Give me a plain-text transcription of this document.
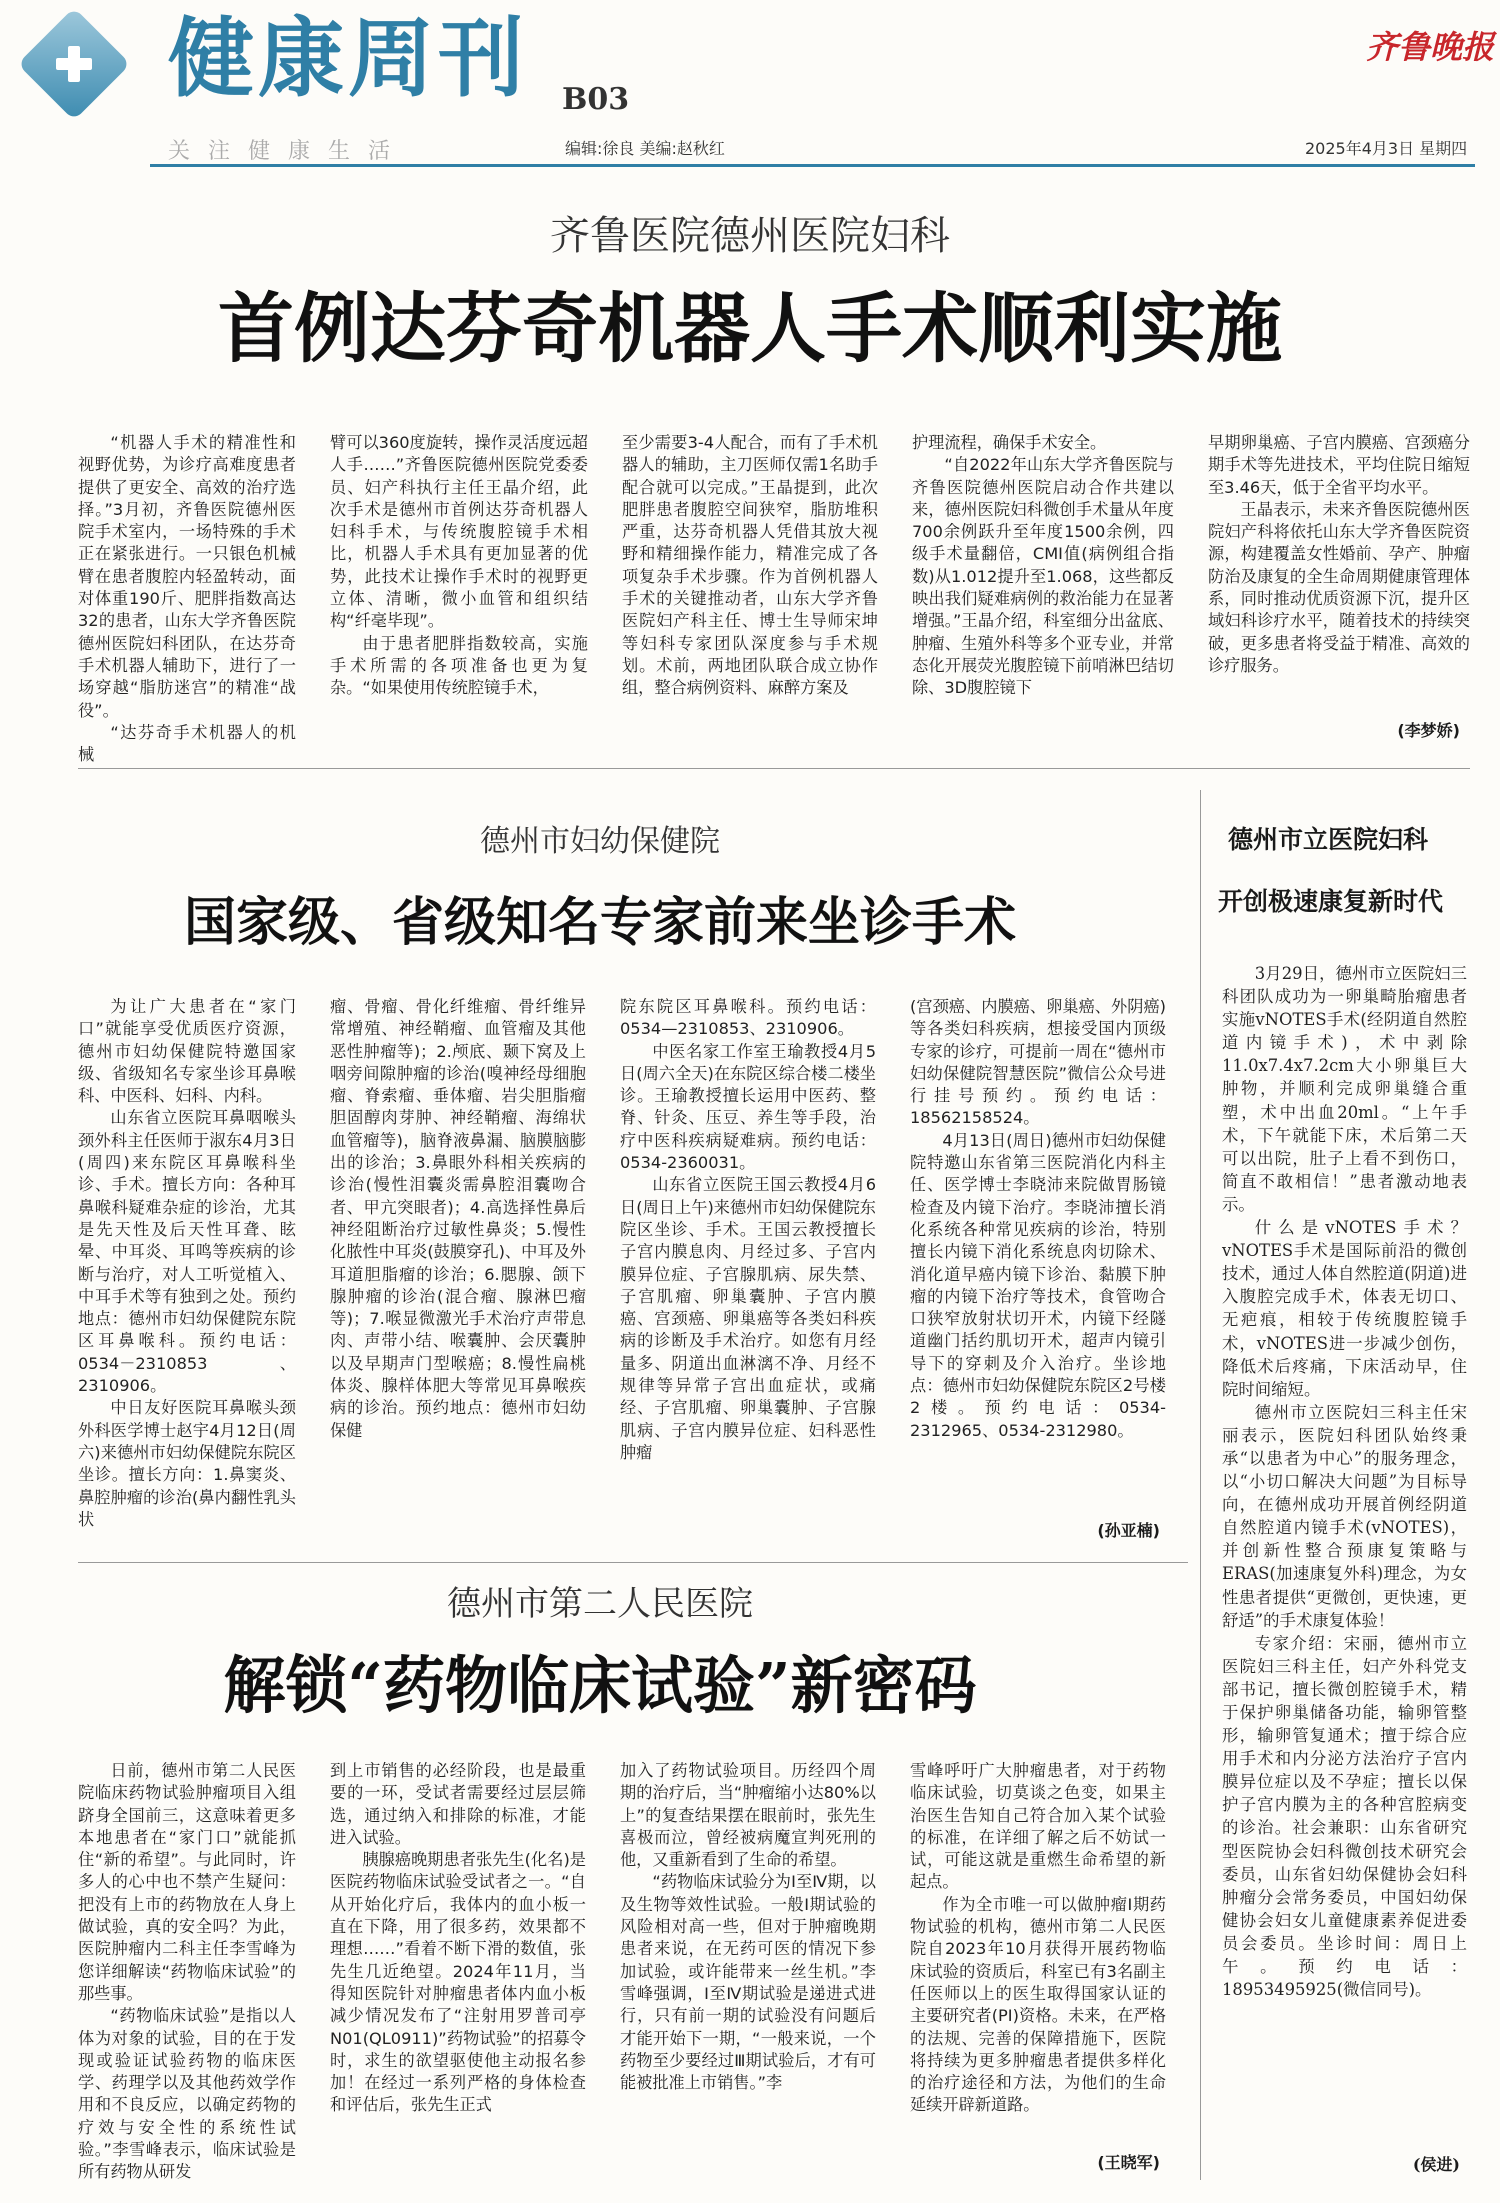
健康周刊 B03
关注健康生活	编辑:徐良 美编:赵秋红
齐鲁晚报
2025年4月3日 星期四
齐鲁医院德州医院妇科
首例达芬奇机器人手术顺利实施

“机器人手术的精准性和视野优势，为诊疗高难度患者提供了更安全、高效的治疗选择。”3月初，齐鲁医院德州医院手术室内，一场特殊的手术正在紧张进行。一只银色机械臂在患者腹腔内轻盈转动，面对体重190斤、肥胖指数高达32的患者，山东大学齐鲁医院德州医院妇科团队，在达芬奇手术机器人辅助下，进行了一场穿越“脂肪迷宫”的精准“战役”。

“达芬奇手术机器人的机械

臂可以360度旋转，操作灵活度远超人手……”齐鲁医院德州医院党委委员、妇产科执行主任王晶介绍，此次手术是德州市首例达芬奇机器人妇科手术，与传统腹腔镜手术相比，机器人手术具有更加显著的优势，此技术让操作手术时的视野更立体、清晰，微小血管和组织结构“纤毫毕现”。

由于患者肥胖指数较高，实施手术所需的各项准备也更为复杂。“如果使用传统腔镜手术，

至少需要3-4人配合，而有了手术机器人的辅助，主刀医师仅需1名助手配合就可以完成。”王晶提到，此次肥胖患者腹腔空间狭窄，脂肪堆积严重，达芬奇机器人凭借其放大视野和精细操作能力，精准完成了各项复杂手术步骤。作为首例机器人手术的关键推动者，山东大学齐鲁医院妇产科主任、博士生导师宋坤等妇科专家团队深度参与手术规划。术前，两地团队联合成立协作组，整合病例资料、麻醉方案及

护理流程，确保手术安全。

“自2022年山东大学齐鲁医院与齐鲁医院德州医院启动合作共建以来，德州医院妇科微创手术量从年度700余例跃升至年度1500余例，四级手术量翻倍，CMI值(病例组合指数)从1.012提升至1.068，这些都反映出我们疑难病例的救治能力在显著增强。”王晶介绍，科室细分出盆底、肿瘤、生殖外科等多个亚专业，并常态化开展荧光腹腔镜下前哨淋巴结切除、3D腹腔镜下

早期卵巢癌、子宫内膜癌、宫颈癌分期手术等先进技术，平均住院日缩短至3.46天，低于全省平均水平。

王晶表示，未来齐鲁医院德州医院妇产科将依托山东大学齐鲁医院资源，构建覆盖女性婚前、孕产、肿瘤防治及康复的全生命周期健康管理体系，同时推动优质资源下沉，提升区域妇科诊疗水平，随着技术的持续突破，更多患者将受益于精准、高效的诊疗服务。

(李梦娇)
德州市妇幼保健院
国家级、省级知名专家前来坐诊手术

为让广大患者在“家门口”就能享受优质医疗资源，德州市妇幼保健院特邀国家级、省级知名专家坐诊耳鼻喉科、中医科、妇科、内科。

山东省立医院耳鼻咽喉头颈外科主任医师于淑东4月3日(周四)来东院区耳鼻喉科坐诊、手术。擅长方向：各种耳鼻喉科疑难杂症的诊治，尤其是先天性及后天性耳聋、眩晕、中耳炎、耳鸣等疾病的诊断与治疗，对人工听觉植入、中耳手术等有独到之处。预约地点：德州市妇幼保健院东院区耳鼻喉科。预约电话：0534－2310853、2310906。

中日友好医院耳鼻喉头颈外科医学博士赵宇4月12日(周六)来德州市妇幼保健院东院区坐诊。擅长方向：1.鼻窦炎、鼻腔肿瘤的诊治(鼻内翻性乳头状

瘤、骨瘤、骨化纤维瘤、骨纤维异常增殖、神经鞘瘤、血管瘤及其他恶性肿瘤等)；2.颅底、颞下窝及上咽旁间隙肿瘤的诊治(嗅神经母细胞瘤、脊索瘤、垂体瘤、岩尖胆脂瘤胆固醇肉芽肿、神经鞘瘤、海绵状血管瘤等)，脑脊液鼻漏、脑膜脑膨出的诊治；3.鼻眼外科相关疾病的诊治(慢性泪囊炎需鼻腔泪囊吻合者、甲亢突眼者)；4.高选择性鼻后神经阻断治疗过敏性鼻炎；5.慢性化脓性中耳炎(鼓膜穿孔)、中耳及外耳道胆脂瘤的诊治；6.腮腺、颌下腺肿瘤的诊治(混合瘤、腺淋巴瘤等)；7.喉显微激光手术治疗声带息肉、声带小结、喉囊肿、会厌囊肿以及早期声门型喉癌；8.慢性扁桃体炎、腺样体肥大等常见耳鼻喉疾病的诊治。预约地点：德州市妇幼保健

院东院区耳鼻喉科。预约电话：0534—2310853、2310906。

中医名家工作室王瑜教授4月5日(周六全天)在东院区综合楼二楼坐诊。王瑜教授擅长运用中医药、整脊、针灸、压豆、养生等手段，治疗中医科疾病疑难病。预约电话：0534-2360031。

山东省立医院王国云教授4月6日(周日上午)来德州市妇幼保健院东院区坐诊、手术。王国云教授擅长子宫内膜息肉、月经过多、子宫内膜异位症、子宫腺肌病、尿失禁、子宫肌瘤、卵巢囊肿、子宫内膜癌、宫颈癌、卵巢癌等各类妇科疾病的诊断及手术治疗。如您有月经量多、阴道出血淋漓不净、月经不规律等异常子宫出血症状，或痛经、子宫肌瘤、卵巢囊肿、子宫腺肌病、子宫内膜异位症、妇科恶性肿瘤

(宫颈癌、内膜癌、卵巢癌、外阴癌)等各类妇科疾病，想接受国内顶级专家的诊疗，可提前一周在“德州市妇幼保健院智慧医院”微信公众号进行挂号预约。预约电话：18562158524。

4月13日(周日)德州市妇幼保健院特邀山东省第三医院消化内科主任、医学博士李晓沛来院做胃肠镜检查及内镜下治疗。李晓沛擅长消化系统各种常见疾病的诊治，特别擅长内镜下消化系统息肉切除术、消化道早癌内镜下诊治、黏膜下肿瘤的内镜下治疗等技术，食管吻合口狭窄放射状切开术，内镜下经隧道幽门括约肌切开术，超声内镜引导下的穿刺及介入治疗。坐诊地点：德州市妇幼保健院东院区2号楼2楼。预约电话：0534-2312965、0534-2312980。

(孙亚楠)
德州市第二人民医院
解锁“药物临床试验”新密码

日前，德州市第二人民医院临床药物试验肿瘤项目入组跻身全国前三，这意味着更多本地患者在“家门口”就能抓住“新的希望”。与此同时，许多人的心中也不禁产生疑问：把没有上市的药物放在人身上做试验，真的安全吗？为此，医院肿瘤内二科主任李雪峰为您详细解读“药物临床试验”的那些事。

“药物临床试验”是指以人体为对象的试验，目的在于发现或验证试验药物的临床医学、药理学以及其他药效学作用和不良反应，以确定药物的疗效与安全性的系统性试验。”李雪峰表示，临床试验是所有药物从研发

到上市销售的必经阶段，也是最重要的一环，受试者需要经过层层筛选，通过纳入和排除的标准，才能进入试验。

胰腺癌晚期患者张先生(化名)是医院药物临床试验受试者之一。“自从开始化疗后，我体内的血小板一直在下降，用了很多药，效果都不理想……”看着不断下滑的数值，张先生几近绝望。2024年11月，当得知医院针对肿瘤患者体内血小板减少情况发布了“注射用罗普司亭N01(QL0911)”药物试验”的招募令时，求生的欲望驱使他主动报名参加！在经过一系列严格的身体检查和评估后，张先生正式

加入了药物试验项目。历经四个周期的治疗后，当“肿瘤缩小达80%以上”的复查结果摆在眼前时，张先生喜极而泣，曾经被病魔宣判死刑的他，又重新看到了生命的希望。

“药物临床试验分为Ⅰ至Ⅳ期，以及生物等效性试验。一般Ⅰ期试验的风险相对高一些，但对于肿瘤晚期患者来说，在无药可医的情况下参加试验，或许能带来一丝生机。”李雪峰强调，Ⅰ至Ⅳ期试验是递进式进行，只有前一期的试验没有问题后才能开始下一期，“一般来说，一个药物至少要经过Ⅲ期试验后，才有可能被批准上市销售。”李

雪峰呼吁广大肿瘤患者，对于药物临床试验，切莫谈之色变，如果主治医生告知自己符合加入某个试验的标准，在详细了解之后不妨试一试，可能这就是重燃生命希望的新起点。

作为全市唯一可以做肿瘤Ⅰ期药物试验的机构，德州市第二人民医院自2023年10月获得开展药物临床试验的资质后，科室已有3名副主任医师以上的医生取得国家认证的主要研究者(PI)资格。未来，在严格的法规、完善的保障措施下，医院将持续为更多肿瘤患者提供多样化的治疗途径和方法，为他们的生命延续开辟新道路。

(王晓军)
德州市立医院妇科
开创极速康复新时代

3月29日，德州市立医院妇三科团队成功为一卵巢畸胎瘤患者实施vNOTES手术(经阴道自然腔道内镜手术)，术中剥除11.0x7.4x7.2cm大小卵巢巨大肿物，并顺利完成卵巢缝合重塑，术中出血20ml。“上午手术，下午就能下床，术后第二天可以出院，肚子上看不到伤口，简直不敢相信！”患者激动地表示。

什么是vNOTES手术？vNOTES手术是国际前沿的微创技术，通过人体自然腔道(阴道)进入腹腔完成手术，体表无切口、无疤痕，相较于传统腹腔镜手术，vNOTES进一步减少创伤，降低术后疼痛，下床活动早，住院时间缩短。

德州市立医院妇三科主任宋丽表示，医院妇科团队始终秉承“以患者为中心”的服务理念，以“小切口解决大问题”为目标导向，在德州成功开展首例经阴道自然腔道内镜手术(vNOTES)，并创新性整合预康复策略与ERAS(加速康复外科)理念，为女性患者提供“更微创，更快速，更舒适”的手术康复体验！

专家介绍：宋丽，德州市立医院妇三科主任，妇产外科党支部书记，擅长微创腔镜手术，精于保护卵巢储备功能，输卵管整形，输卵管复通术；擅于综合应用手术和内分泌方法治疗子宫内膜异位症以及不孕症；擅长以保护子宫内膜为主的各种宫腔病变的诊治。社会兼职：山东省研究型医院协会妇科微创技术研究会委员，山东省妇幼保健协会妇科肿瘤分会常务委员，中国妇幼保健协会妇女儿童健康素养促进委员会委员。坐诊时间：周日上午。预约电话：18953495925(微信同号)。

(侯进)
